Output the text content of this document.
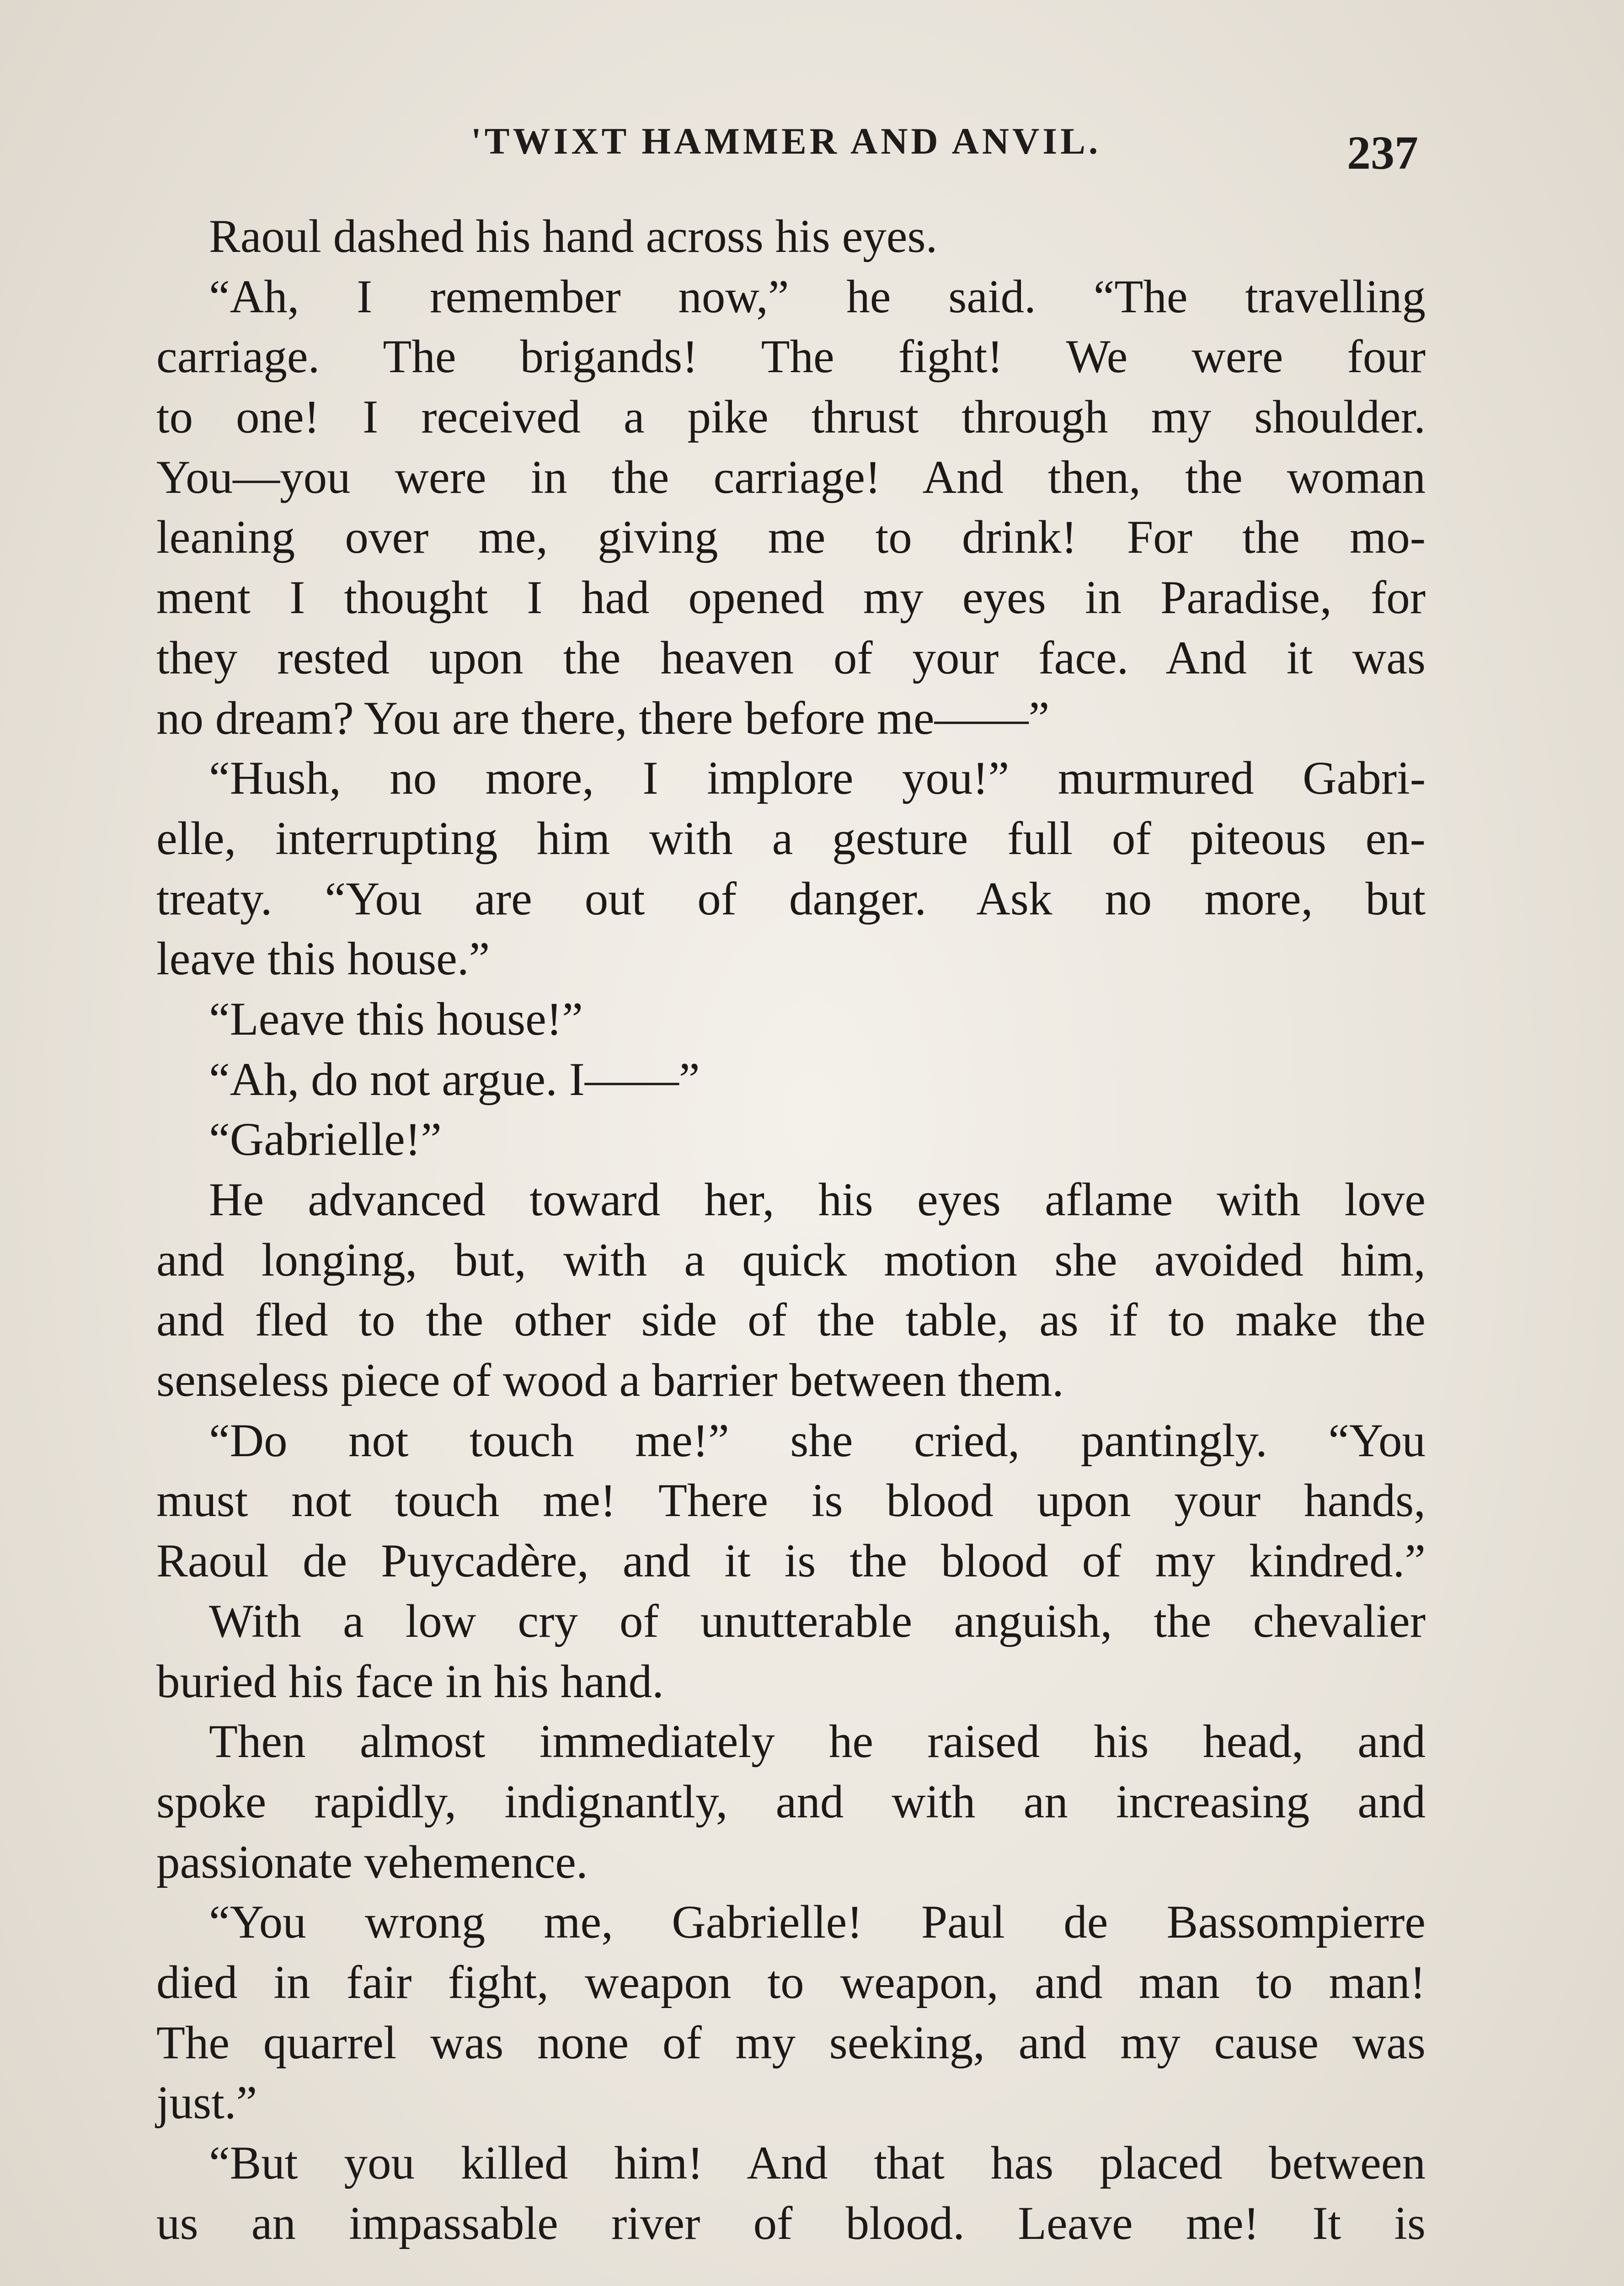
'TWIXT HAMMER AND ANVIL.	237
Raoul dashed his hand across his eyes.
“Ah, I remember now,” he said. “The travelling
carriage. The brigands! The fight! We were four
to one! I received a pike thrust through my shoulder.
You—you were in the carriage! And then, the woman
leaning over me, giving me to drink! For the mo-
ment I thought I had opened my eyes in Paradise, for
they rested upon the heaven of your face. And it was
no dream? You are there, there before me——”
“Hush, no more, I implore you!” murmured Gabri-
elle, interrupting him with a gesture full of piteous en-
treaty. “You are out of danger. Ask no more, but
leave this house.”
“Leave this house!”
“Ah, do not argue. I——”
“Gabrielle!”
He advanced toward her, his eyes aflame with love
and longing, but, with a quick motion she avoided him,
and fled to the other side of the table, as if to make the
senseless piece of wood a barrier between them.
“Do not touch me!” she cried, pantingly. “You
must not touch me! There is blood upon your hands,
Raoul de Puycadère, and it is the blood of my kindred.”
With a low cry of unutterable anguish, the chevalier
buried his face in his hand.
Then almost immediately he raised his head, and
spoke rapidly, indignantly, and with an increasing and
passionate vehemence.
“You wrong me, Gabrielle! Paul de Bassompierre
died in fair fight, weapon to weapon, and man to man!
The quarrel was none of my seeking, and my cause was
just.”
“But you killed him! And that has placed between
us an impassable river of blood. Leave me! It is
